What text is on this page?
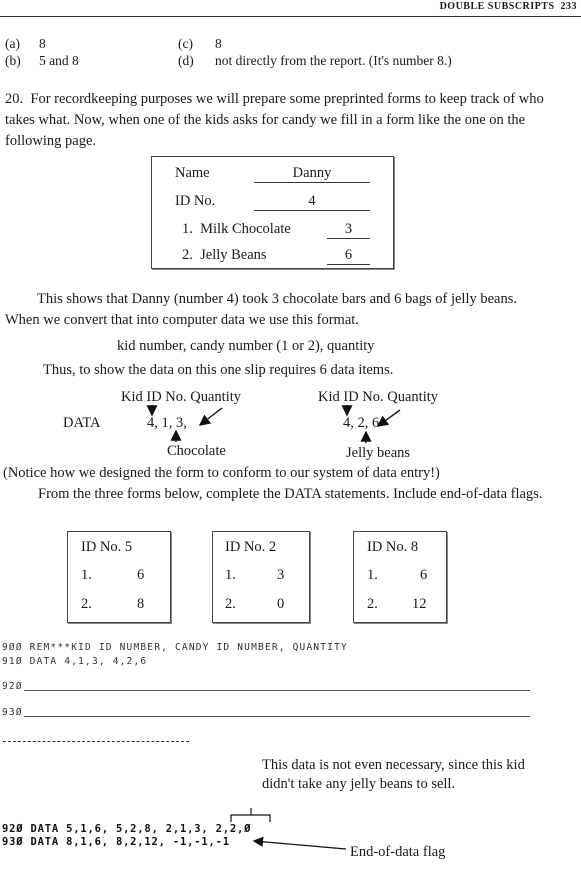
DOUBLE SUBSCRIPTS 233
(a) 8
(b) 5 and 8
(c) 8
(d) not directly from the report. (It's number 8.)
20. For recordkeeping purposes we will prepare some preprinted forms to keep track of who takes what. Now, when one of the kids asks for candy we fill in a form like the one on the following page.
Name	Danny
ID No.	4
1. Milk Chocolate	3
2. Jelly Beans	6
This shows that Danny (number 4) took 3 chocolate bars and 6 bags of jelly beans. When we convert that into computer data we use this format.
kid number, candy number (1 or 2), quantity
Thus, to show the data on this one slip requires 6 data items.
Kid ID No. Quantity	Kid ID No. Quantity
DATA	4, 1, 3,	4, 2, 6
Chocolate	Jelly beans
(Notice how we designed the form to conform to our system of data entry!)
From the three forms below, complete the DATA statements. Include end-of-data flags.
ID No. 5
1.	6
2.	8
ID No. 2
1.	3
2.	0
ID No. 8
1.	6
2. 12
9ØØ REM***KID ID NUMBER, CANDY ID NUMBER, QUANTITY
91Ø DATA 4,1,3, 4,2,6
92Ø
93Ø
This data is not even necessary, since this kid didn't take any jelly beans to sell.
92Ø DATA 5,1,6, 5,2,8, 2,1,3, 2,2,Ø
93Ø DATA 8,1,6, 8,2,12, -1,-1,-1
End-of-data flag
